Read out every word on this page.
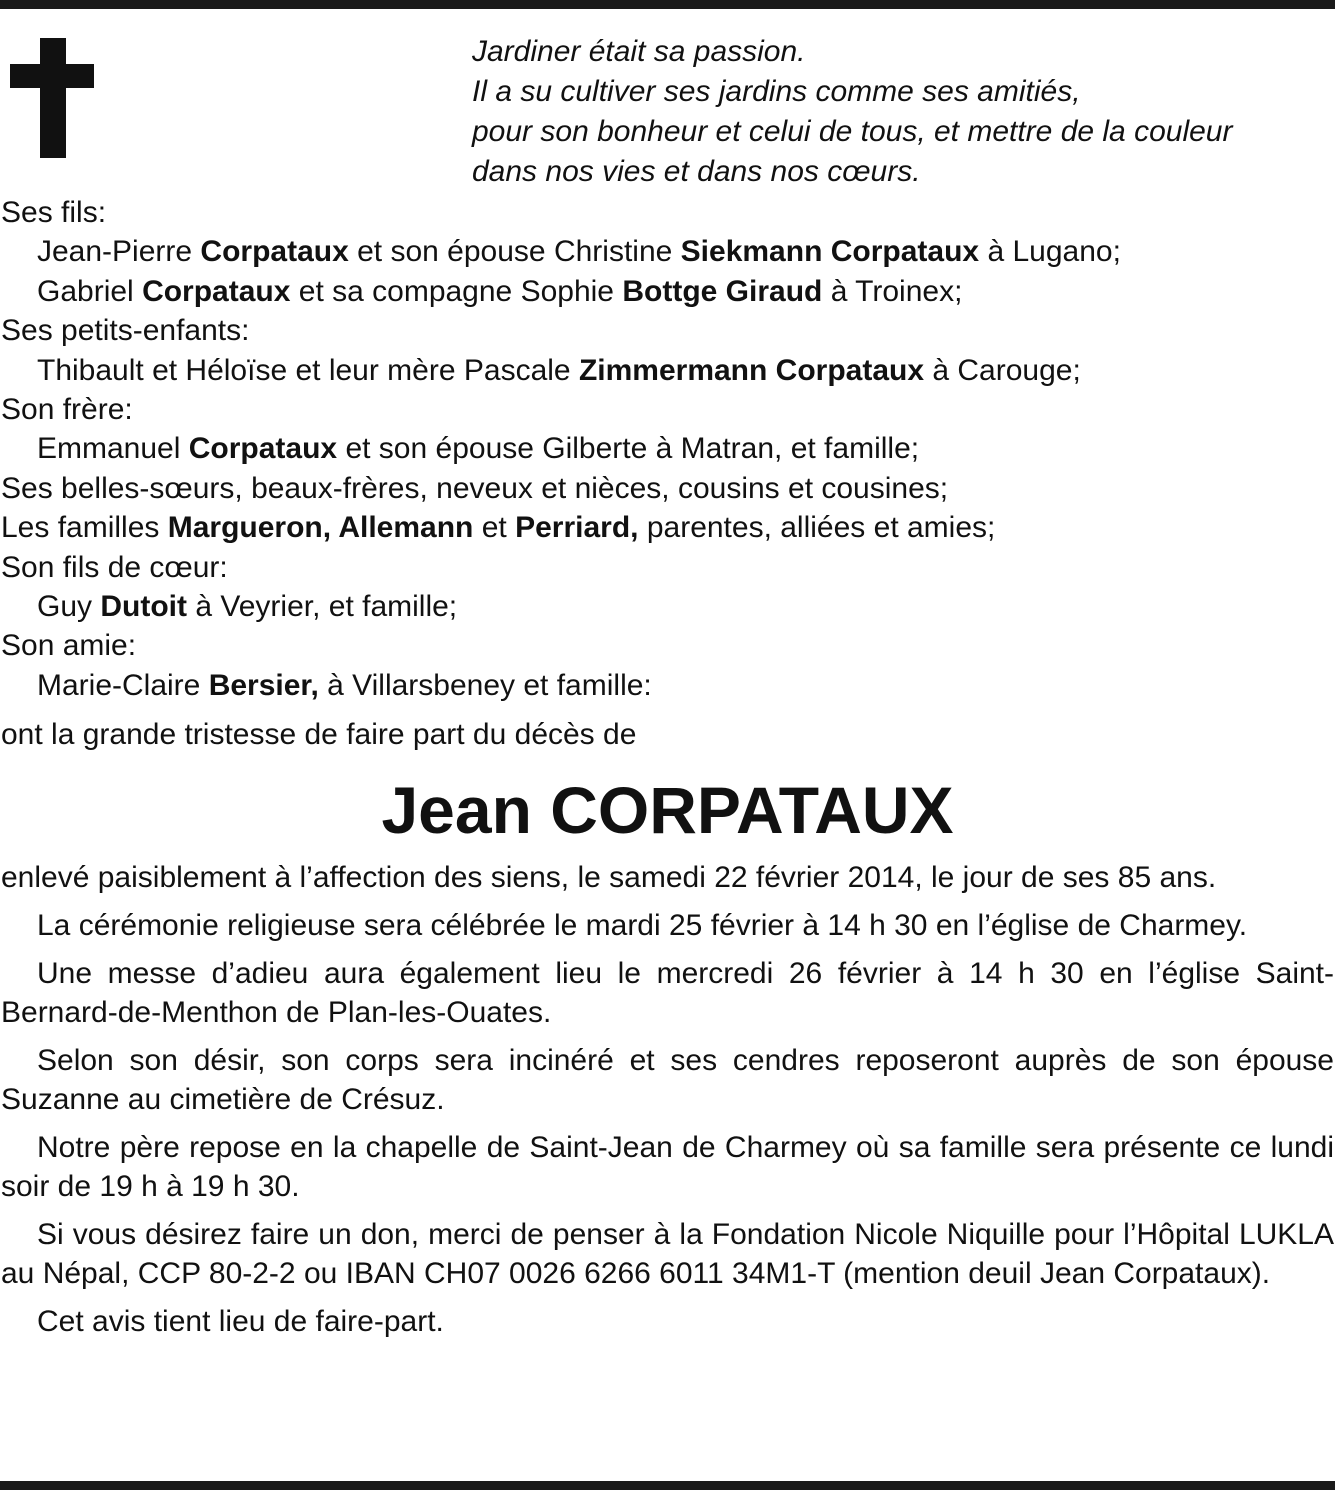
Jardiner était sa passion.
Il a su cultiver ses jardins comme ses amitiés,
pour son bonheur et celui de tous, et mettre de la couleur
dans nos vies et dans nos cœurs.
Ses fils:
Jean-Pierre Corpataux et son épouse Christine Siekmann Corpataux à Lugano;
Gabriel Corpataux et sa compagne Sophie Bottge Giraud à Troinex;
Ses petits-enfants:
Thibault et Héloïse et leur mère Pascale Zimmermann Corpataux à Carouge;
Son frère:
Emmanuel Corpataux et son épouse Gilberte à Matran, et famille;
Ses belles-sœurs, beaux-frères, neveux et nièces, cousins et cousines;
Les familles Margueron, Allemann et Perriard, parentes, alliées et amies;
Son fils de cœur:
Guy Dutoit à Veyrier, et famille;
Son amie:
Marie-Claire Bersier, à Villarsbeney et famille:
ont la grande tristesse de faire part du décès de
Jean CORPATAUX

enlevé paisiblement à l’affection des siens, le samedi 22 février 2014, le jour de ses 85 ans.

La cérémonie religieuse sera célébrée le mardi 25 février à 14 h 30 en l’église de Charmey.

Une messe d’adieu aura également lieu le mercredi 26 février à 14 h 30 en l’église Saint-Bernard-de-Menthon de Plan-les-Ouates.

Selon son désir, son corps sera incinéré et ses cendres reposeront auprès de son épouse Suzanne au cimetière de Crésuz.

Notre père repose en la chapelle de Saint-Jean de Charmey où sa famille sera présente ce lundi soir de 19 h à 19 h 30.

Si vous désirez faire un don, merci de penser à la Fondation Nicole Niquille pour l’Hôpital LUKLA au Népal, CCP 80-2-2 ou IBAN CH07 0026 6266 6011 34M1-T (mention deuil Jean Corpataux).

Cet avis tient lieu de faire-part.
